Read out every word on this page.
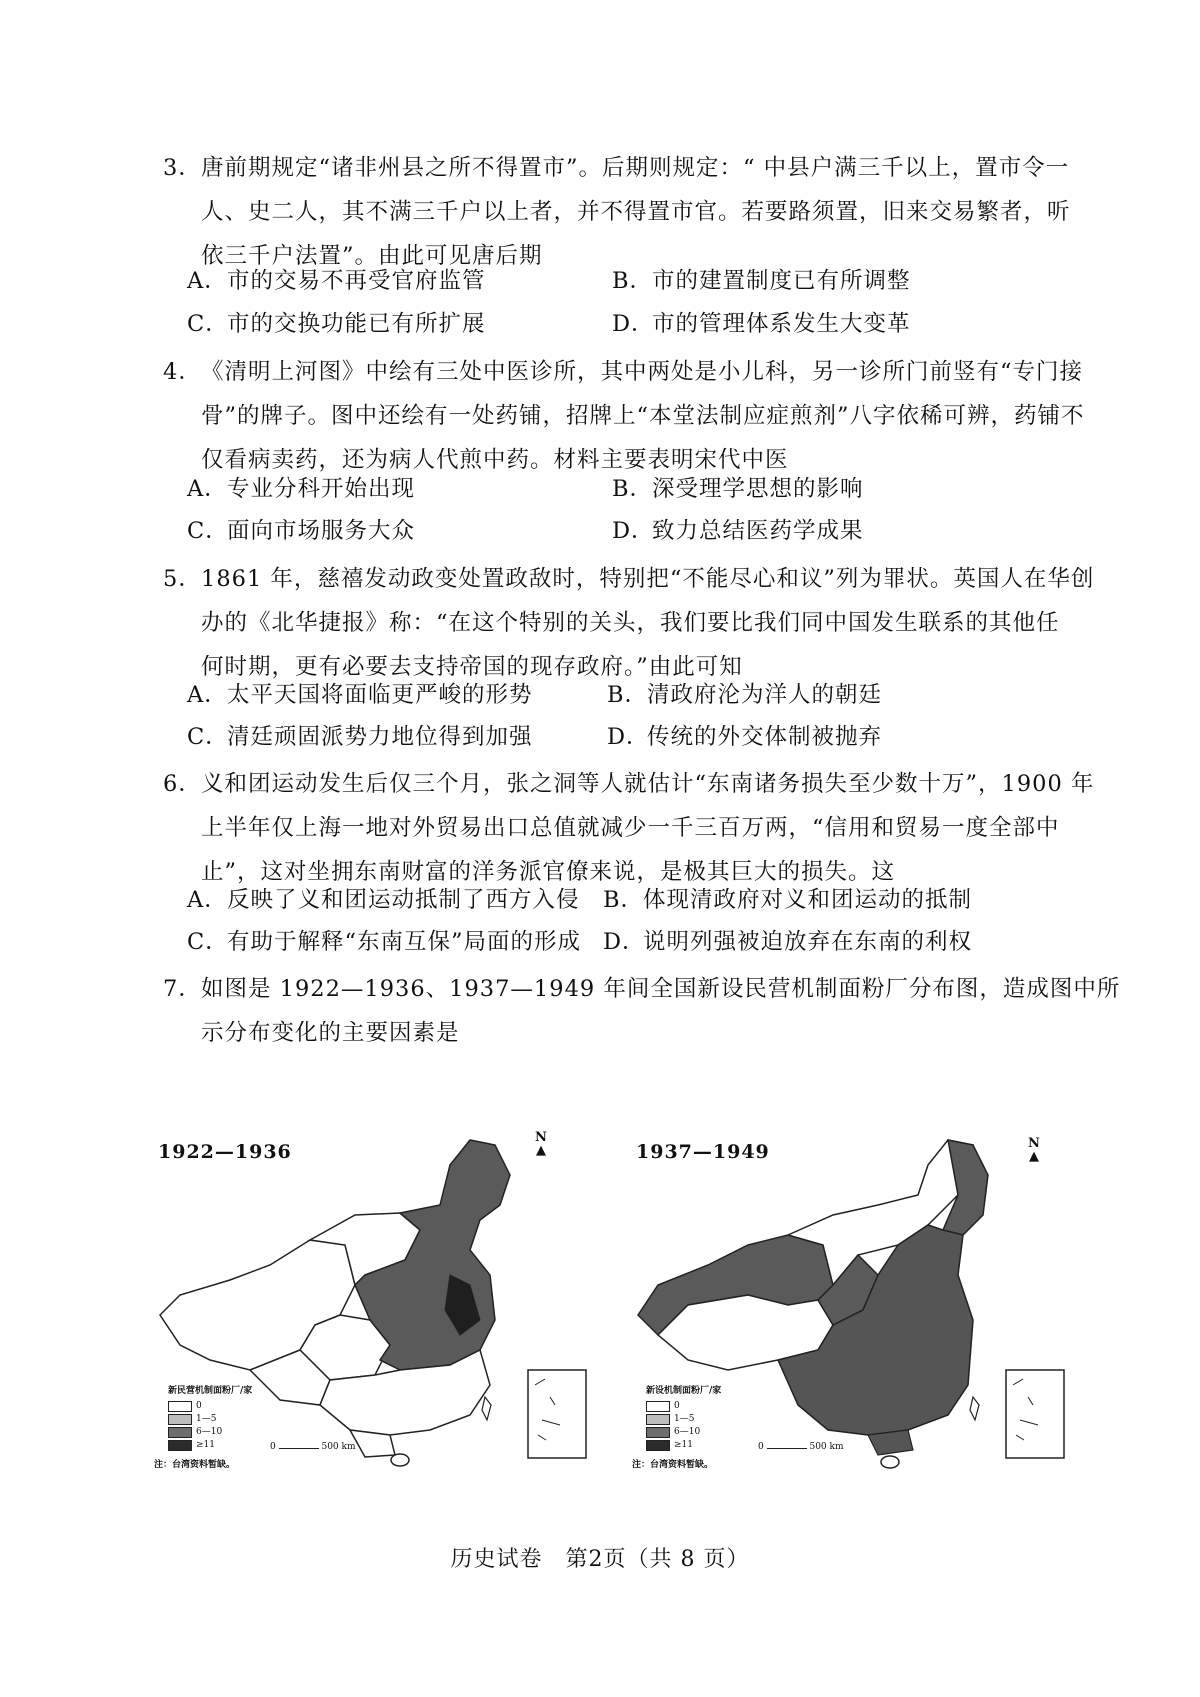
3．唐前期规定“诸非州县之所不得置市”。后期则规定：“ 中县户满三千以上，置市令一
人、史二人，其不满三千户以上者，并不得置市官。若要路须置，旧来交易繁者，听
依三千户法置”。由此可见唐后期
A．市的交易不再受官府监管	B．市的建置制度已有所调整
C．市的交换功能已有所扩展	D．市的管理体系发生大变革
4．《清明上河图》中绘有三处中医诊所，其中两处是小儿科，另一诊所门前竖有“专门接
骨”的牌子。图中还绘有一处药铺，招牌上“本堂法制应症煎剂”八字依稀可辨，药铺不
仅看病卖药，还为病人代煎中药。材料主要表明宋代中医
A．专业分科开始出现	B．深受理学思想的影响
C．面向市场服务大众	D．致力总结医药学成果
5．1861 年，慈禧发动政变处置政敌时，特别把“不能尽心和议”列为罪状。英国人在华创
办的《北华捷报》称：“在这个特别的关头，我们要比我们同中国发生联系的其他任
何时期，更有必要去支持帝国的现存政府。”由此可知
A．太平天国将面临更严峻的形势	B．清政府沦为洋人的朝廷
C．清廷顽固派势力地位得到加强	D．传统的外交体制被抛弃
6．义和团运动发生后仅三个月，张之洞等人就估计“东南诸务损失至少数十万”，1900 年
上半年仅上海一地对外贸易出口总值就减少一千三百万两，“信用和贸易一度全部中
止”，这对坐拥东南财富的洋务派官僚来说，是极其巨大的损失。这
A．反映了义和团运动抵制了西方入侵 B．体现清政府对义和团运动的抵制
C．有助于解释“东南互保”局面的形成 D．说明列强被迫放弃在东南的利权
7．如图是 1922—1936、1937—1949 年间全国新设民营机制面粉厂分布图，造成图中所
示分布变化的主要因素是
1922—1936
N
▲
新民营机制面粉厂/家
0
1—5
6—10
≥11	0	500 km
注：台湾资料暂缺。
1937—1949	N
▲
新设机制面粉厂/家
0
1—5
6—10
≥11	0	500 km
注：台湾资料暂缺。
历史试卷　第2页（共 8 页）
